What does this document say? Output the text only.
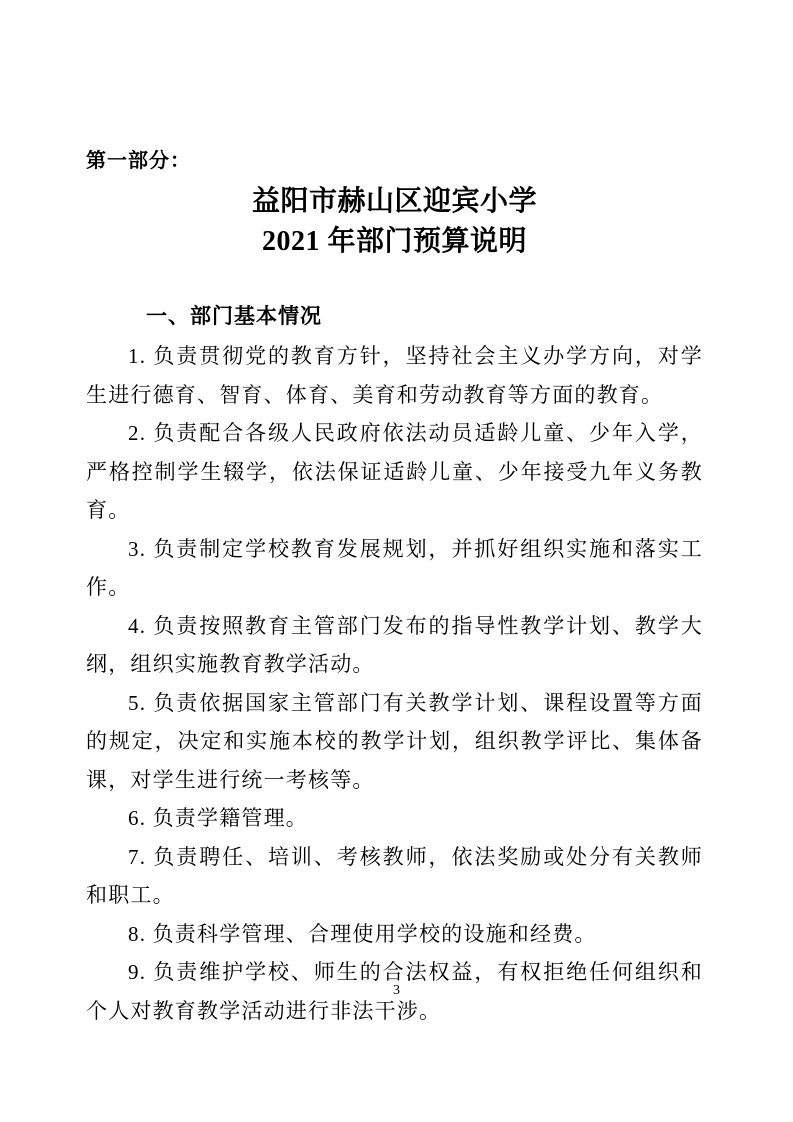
第一部分：
益阳市赫山区迎宾小学
2021 年部门预算说明
一、部门基本情况

1. 负责贯彻党的教育方针，坚持社会主义办学方向，对学生进行德育、智育、体育、美育和劳动教育等方面的教育。

2. 负责配合各级人民政府依法动员适龄儿童、少年入学，严格控制学生辍学，依法保证适龄儿童、少年接受九年义务教育。

3. 负责制定学校教育发展规划，并抓好组织实施和落实工作。

4. 负责按照教育主管部门发布的指导性教学计划、教学大纲，组织实施教育教学活动。

5. 负责依据国家主管部门有关教学计划、课程设置等方面的规定，决定和实施本校的教学计划，组织教学评比、集体备课，对学生进行统一考核等。

6. 负责学籍管理。

7. 负责聘任、培训、考核教师，依法奖励或处分有关教师和职工。

8. 负责科学管理、合理使用学校的设施和经费。

9. 负责维护学校、师生的合法权益，有权拒绝任何组织和个人对教育教学活动进行非法干涉。

3
